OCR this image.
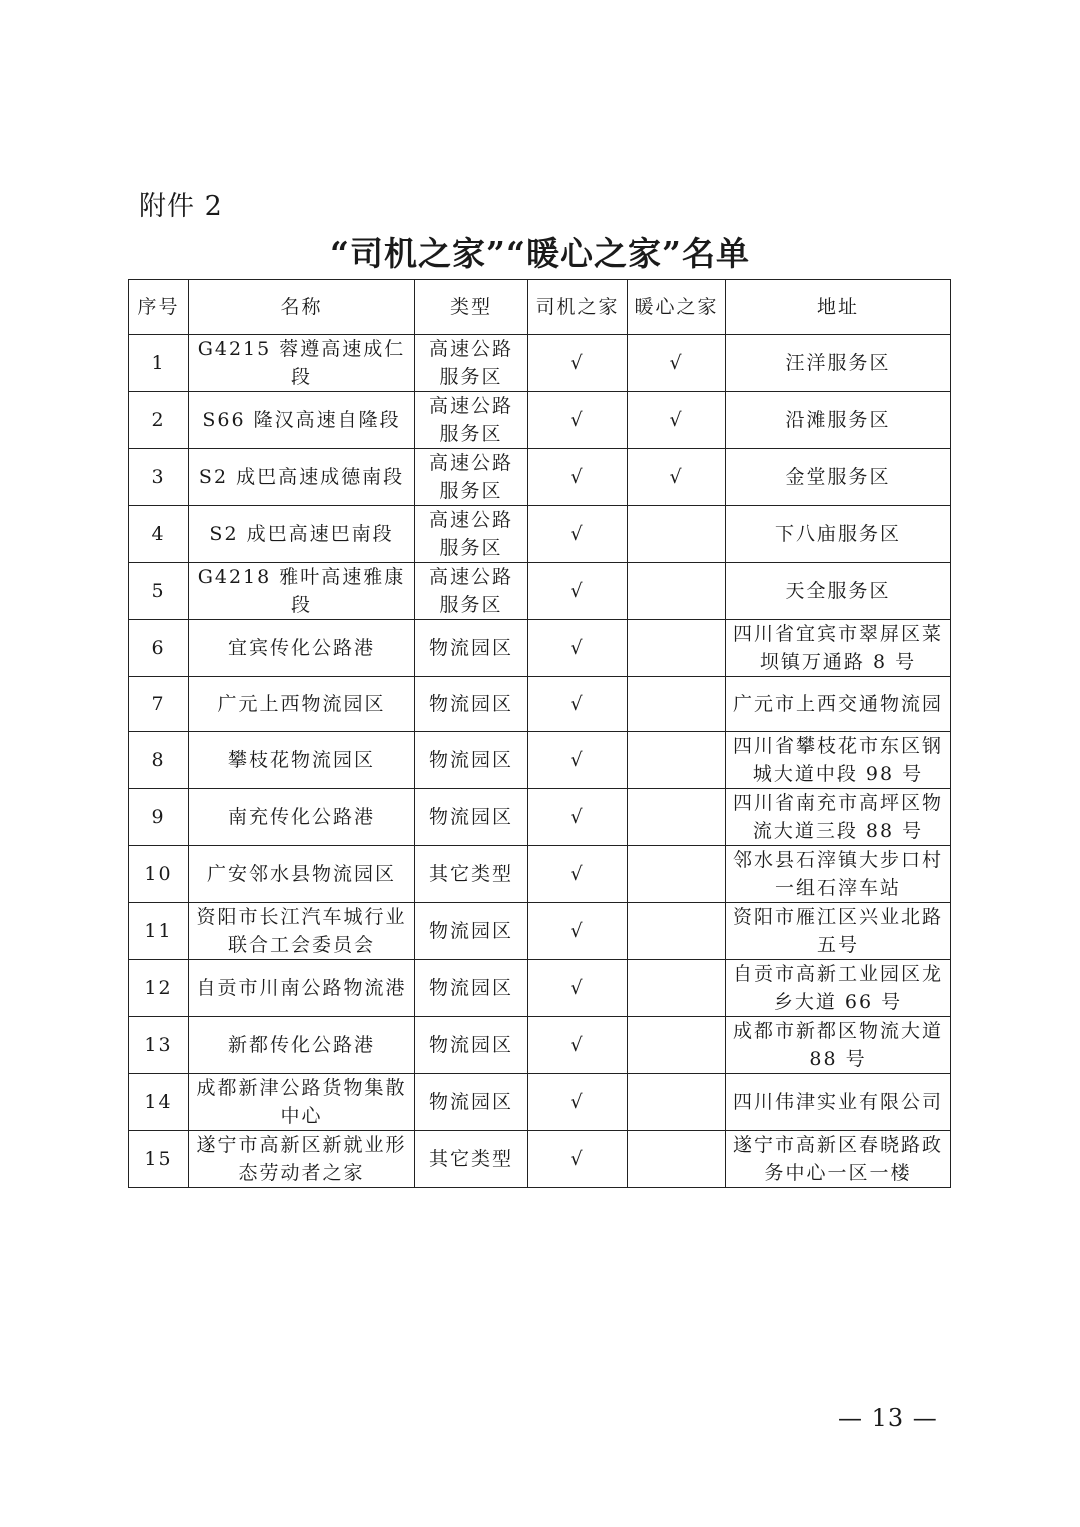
附件 2
“司机之家”“暖心之家”名单
序号	名称	类型	司机之家	暖心之家	地址
1	G4215 蓉遵高速成仁段	高速公路服务区	√	√	汪洋服务区
2	S66 隆汉高速自隆段	高速公路服务区	√	√	沿滩服务区
3	S2 成巴高速成德南段	高速公路服务区	√	√	金堂服务区
4	S2 成巴高速巴南段	高速公路服务区	√		下八庙服务区
5	G4218 雅叶高速雅康段	高速公路服务区	√		天全服务区
6	宜宾传化公路港	物流园区	√		四川省宜宾市翠屏区菜坝镇万通路 8 号
7	广元上西物流园区	物流园区	√		广元市上西交通物流园
8	攀枝花物流园区	物流园区	√		四川省攀枝花市东区钢城大道中段 98 号
9	南充传化公路港	物流园区	√		四川省南充市高坪区物流大道三段 88 号
10	广安邻水县物流园区	其它类型	√		邻水县石滓镇大步口村一组石滓车站
11	资阳市长江汽车城行业联合工会委员会	物流园区	√		资阳市雁江区兴业北路五号
12	自贡市川南公路物流港	物流园区	√		自贡市高新工业园区龙乡大道 66 号
13	新都传化公路港	物流园区	√		成都市新都区物流大道 88 号
14	成都新津公路货物集散中心	物流园区	√		四川伟津实业有限公司
15	遂宁市高新区新就业形态劳动者之家	其它类型	√		遂宁市高新区春晓路政务中心一区一楼
— 13 —
